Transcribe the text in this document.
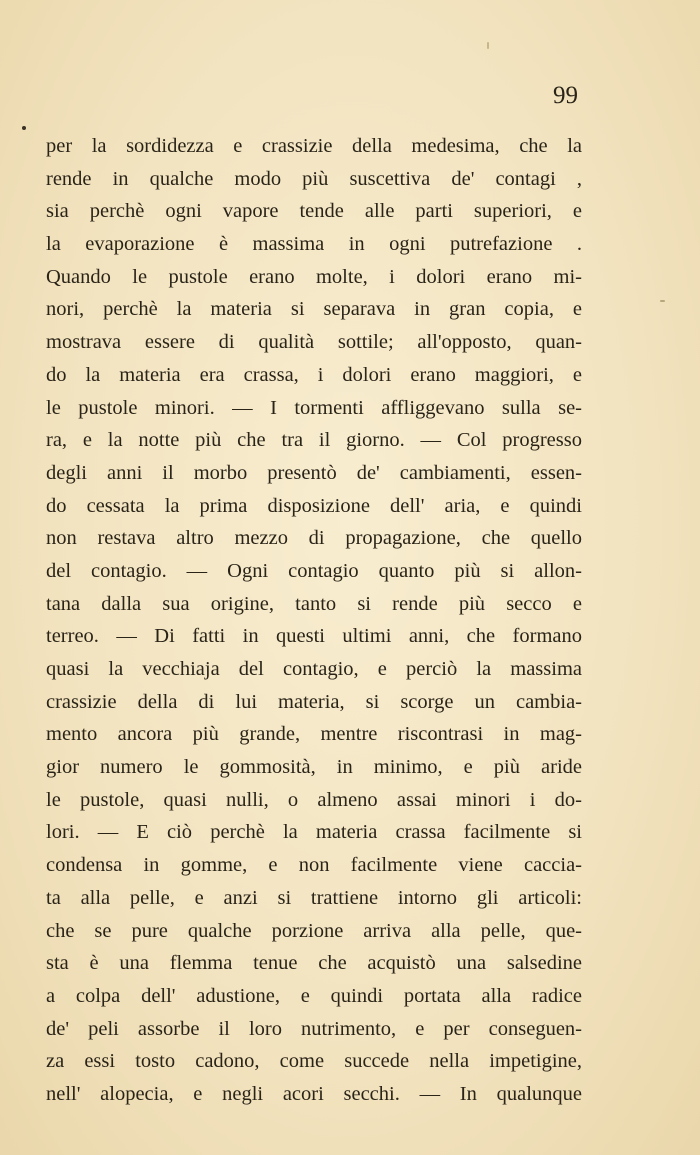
99
per la sordidezza e crassizie della medesima, che la
rende in qualche modo più suscettiva de' contagi ,
sia perchè ogni vapore tende alle parti superiori, e
la evaporazione è massima in ogni putrefazione .
Quando le pustole erano molte, i dolori erano mi-
nori, perchè la materia si separava in gran copia, e
mostrava essere di qualità sottile; all'opposto, quan-
do la materia era crassa, i dolori erano maggiori, e
le pustole minori. — I tormenti affliggevano sulla se-
ra, e la notte più che tra il giorno. — Col progresso
degli anni il morbo presentò de' cambiamenti, essen-
do cessata la prima disposizione dell' aria, e quindi
non restava altro mezzo di propagazione, che quello
del contagio. — Ogni contagio quanto più si allon-
tana dalla sua origine, tanto si rende più secco e
terreo. — Di fatti in questi ultimi anni, che formano
quasi la vecchiaja del contagio, e perciò la massima
crassizie della di lui materia, si scorge un cambia-
mento ancora più grande, mentre riscontrasi in mag-
gior numero le gommosità, in minimo, e più aride
le pustole, quasi nulli, o almeno assai minori i do-
lori. — E ciò perchè la materia crassa facilmente si
condensa in gomme, e non facilmente viene caccia-
ta alla pelle, e anzi si trattiene intorno gli articoli:
che se pure qualche porzione arriva alla pelle, que-
sta è una flemma tenue che acquistò una salsedine
a colpa dell' adustione, e quindi portata alla radice
de' peli assorbe il loro nutrimento, e per conseguen-
za essi tosto cadono, come succede nella impetigine,
nell' alopecia, e negli acori secchi. — In qualunque
